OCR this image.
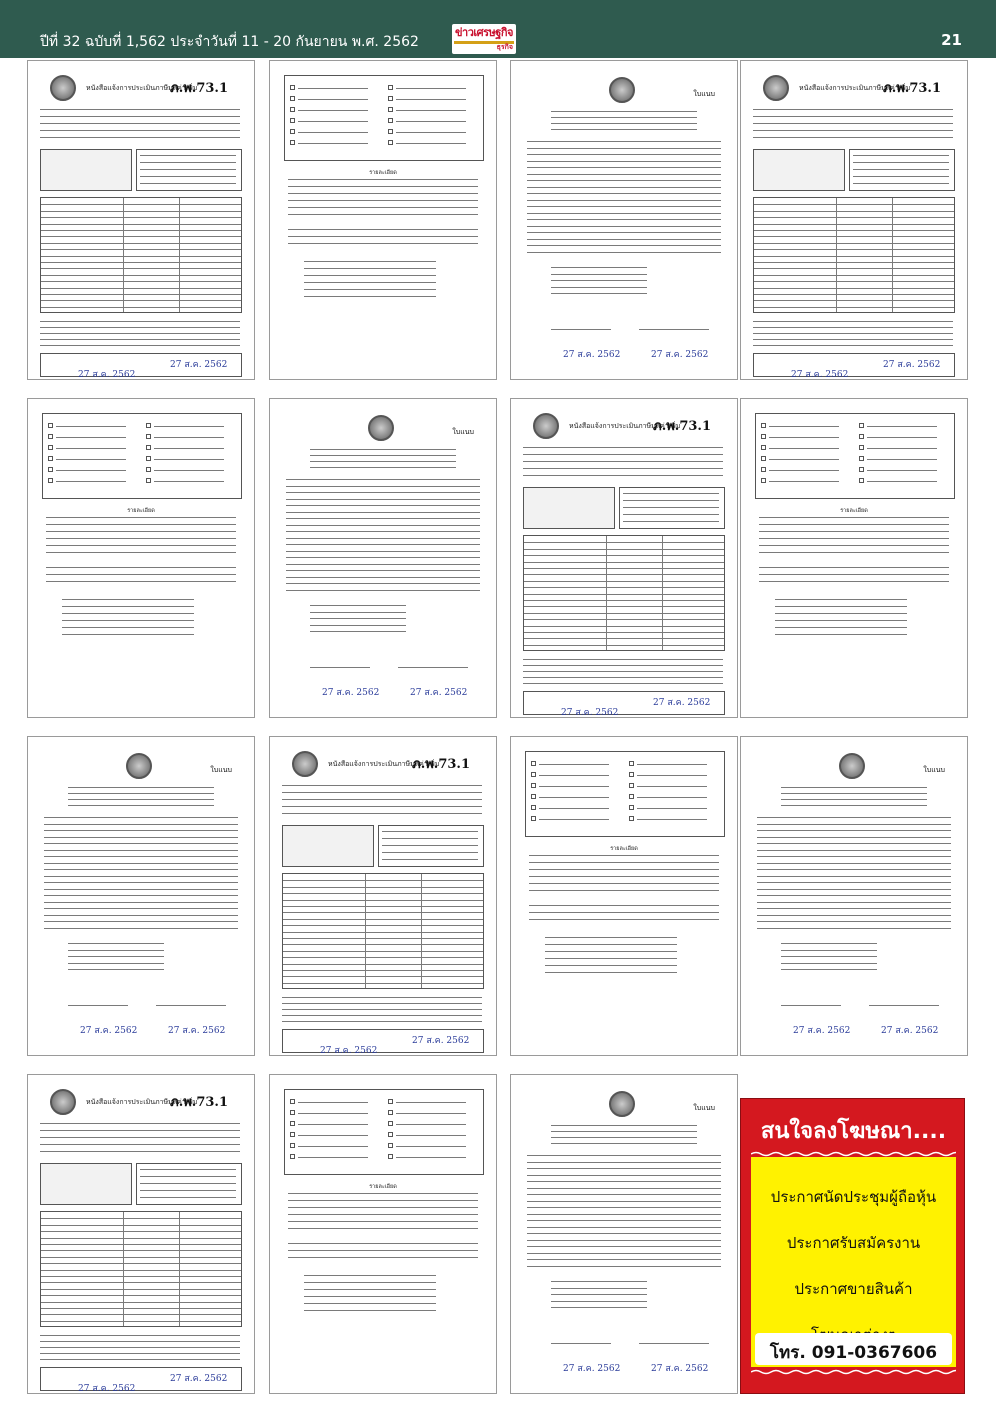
ปีที่ 32 ฉบับที่ 1,562 ประจำวันที่ 11 - 20 กันยายน พ.ศ. 2562
ข่าวเศรษฐกิจ
ธุรกิจ	21
หนังสือแจ้งการประเมินภาษีมูลค่าเพิ่ม
ภ.พ.73.1
27 ส.ค. 2562
27 ส.ค. 2562
รายละเอียด
ใบแนบ
27 ส.ค. 2562	27 ส.ค. 2562
หนังสือแจ้งการประเมินภาษีมูลค่าเพิ่ม
ภ.พ.73.1
27 ส.ค. 2562
27 ส.ค. 2562
รายละเอียด
ใบแนบ
27 ส.ค. 2562	27 ส.ค. 2562
หนังสือแจ้งการประเมินภาษีมูลค่าเพิ่ม
ภ.พ.73.1
27 ส.ค. 2562
27 ส.ค. 2562
รายละเอียด
ใบแนบ
27 ส.ค. 2562	27 ส.ค. 2562
หนังสือแจ้งการประเมินภาษีมูลค่าเพิ่ม
ภ.พ.73.1
27 ส.ค. 2562
27 ส.ค. 2562
รายละเอียด
ใบแนบ
27 ส.ค. 2562	27 ส.ค. 2562
หนังสือแจ้งการประเมินภาษีมูลค่าเพิ่ม
ภ.พ.73.1
27 ส.ค. 2562
27 ส.ค. 2562
รายละเอียด
ใบแนบ
27 ส.ค. 2562	27 ส.ค. 2562
สนใจลงโฆษณา....
ประกาศนัดประชุมผู้ถือหุ้น
ประกาศรับสมัครงาน
ประกาศขายสินค้า
โทร. 091-0367606
